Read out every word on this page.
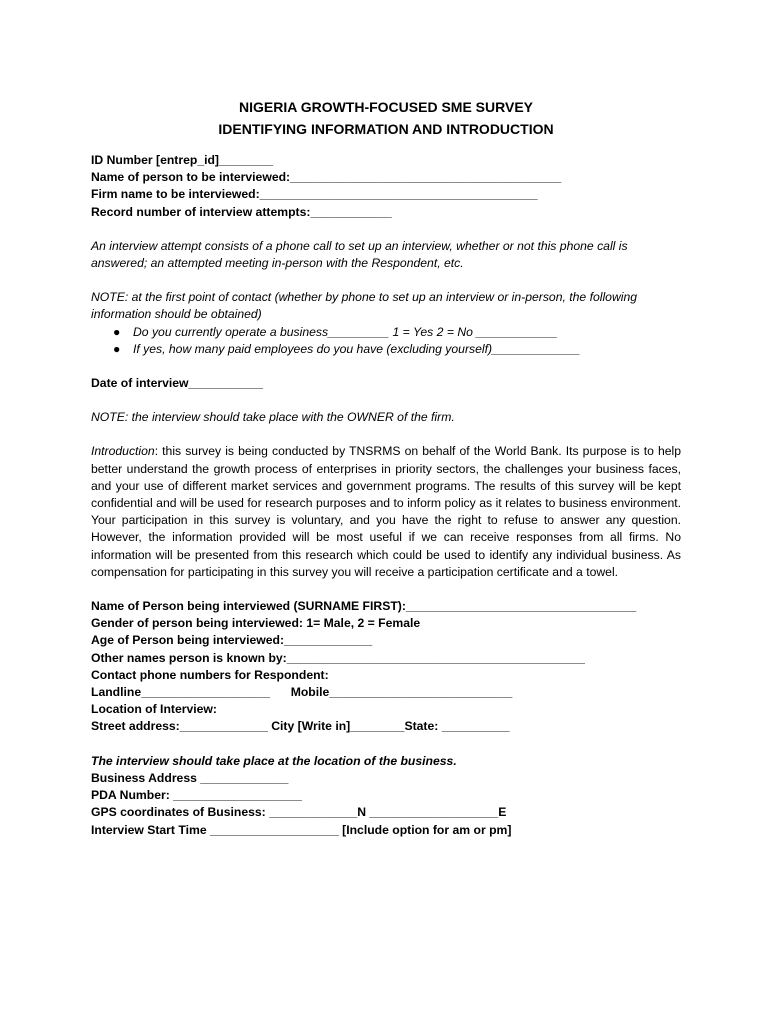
NIGERIA GROWTH-FOCUSED SME SURVEY
IDENTIFYING INFORMATION AND INTRODUCTION
ID Number [entrep_id]________
Name of person to be interviewed:________________________________________
Firm name to be interviewed:_________________________________________
Record number of interview attempts:____________
An interview attempt consists of a phone call to set up an interview, whether or not this phone call is answered; an attempted meeting in-person with the Respondent, etc.
NOTE: at the first point of contact (whether by phone to set up an interview or in-person, the following
information should be obtained)
● Do you currently operate a business_________ 1 = Yes 2 = No ____________
● If yes, how many paid employees do you have (excluding yourself)_____________
Date of interview___________
NOTE: the interview should take place with the OWNER of the firm.
Introduction: this survey is being conducted by TNSRMS on behalf of the World Bank. Its purpose is to help better understand the growth process of enterprises in priority sectors, the challenges your business faces, and your use of different market services and government programs. The results of this survey will be kept confidential and will be used for research purposes and to inform policy as it relates to business environment. Your participation in this survey is voluntary, and you have the right to refuse to answer any question. However, the information provided will be most useful if we can receive responses from all firms. No information will be presented from this research which could be used to identify any individual business. As compensation for participating in this survey you will receive a participation certificate and a towel.
Name of Person being interviewed (SURNAME FIRST):__________________________________
Gender of person being interviewed: 1= Male, 2 = Female
Age of Person being interviewed:_____________
Other names person is known by:____________________________________________
Contact phone numbers for Respondent:
Landline___________________ Mobile___________________________
Location of Interview:
Street address:_____________ City [Write in]________State: __________
The interview should take place at the location of the business.
Business Address _____________
PDA Number: ___________________
GPS coordinates of Business: _____________N ___________________E
Interview Start Time ___________________ [Include option for am or pm]
